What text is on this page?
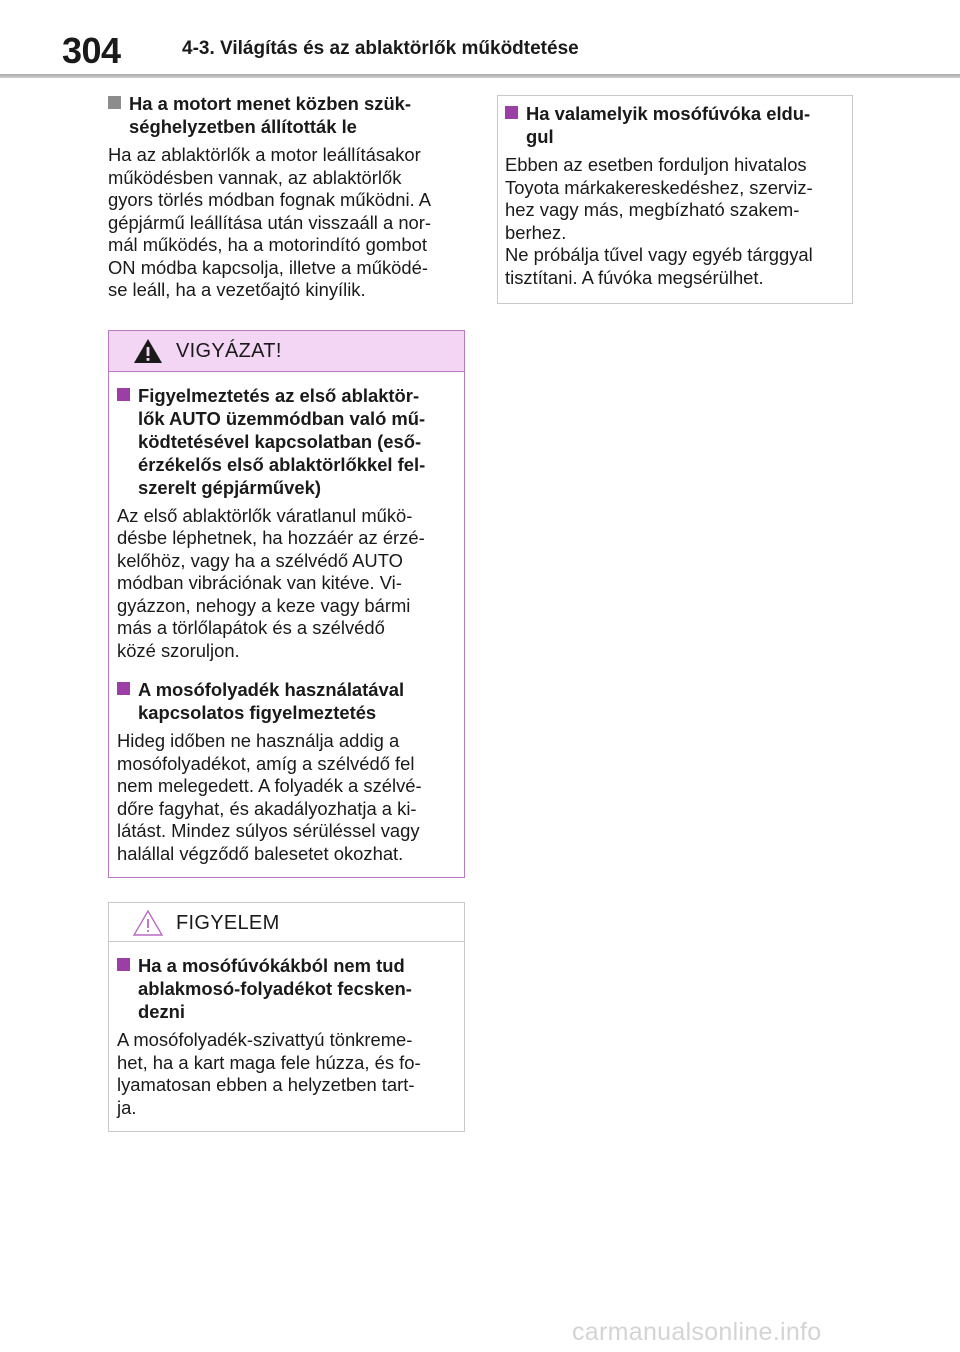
304	4-3. Világítás és az ablaktörlők működtetése
Ha a motort menet közben szük-
séghelyzetben állították le
Ha az ablaktörlők a motor leállításakor
működésben vannak, az ablaktörlők
gyors törlés módban fognak működni. A
gépjármű leállítása után visszaáll a nor-
mál működés, ha a motorindító gombot
ON módba kapcsolja, illetve a működé-
se leáll, ha a vezetőajtó kinyílik.
VIGYÁZAT!
Figyelmeztetés az első ablaktör-
lők AUTO üzemmódban való mű-
ködtetésével kapcsolatban (eső-
érzékelős első ablaktörlőkkel fel-
szerelt gépjárművek)
Az első ablaktörlők váratlanul műkö-
désbe léphetnek, ha hozzáér az érzé-
kelőhöz, vagy ha a szélvédő AUTO
módban vibrációnak van kitéve. Vi-
gyázzon, nehogy a keze vagy bármi
más a törlőlapátok és a szélvédő
közé szoruljon.
A mosófolyadék használatával
kapcsolatos figyelmeztetés
Hideg időben ne használja addig a
mosófolyadékot, amíg a szélvédő fel
nem melegedett. A folyadék a szélvé-
dőre fagyhat, és akadályozhatja a ki-
látást. Mindez súlyos sérüléssel vagy
halállal végződő balesetet okozhat.
FIGYELEM
Ha a mosófúvókákból nem tud
ablakmosó-folyadékot fecsken-
dezni
A mosófolyadék-szivattyú tönkreme-
het, ha a kart maga fele húzza, és fo-
lyamatosan ebben a helyzetben tart-
ja.
Ha valamelyik mosófúvóka eldu-
gul
Ebben az esetben forduljon hivatalos
Toyota márkakereskedéshez, szerviz-
hez vagy más, megbízható szakem-
berhez.
Ne próbálja tűvel vagy egyéb tárggyal
tisztítani. A fúvóka megsérülhet.
carmanualsonline.info
